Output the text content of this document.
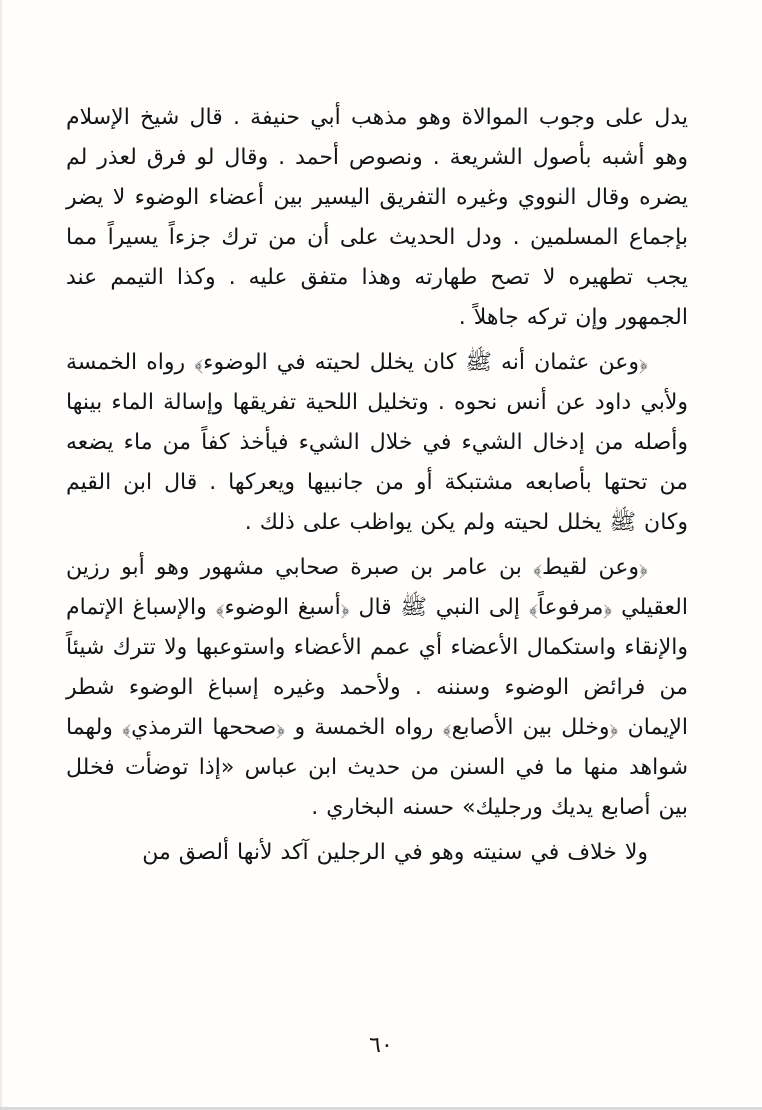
يدل على وجوب الموالاة وهو مذهب أبي حنيفة . قال شيخ الإسلام وهو أشبه بأصول الشريعة . ونصوص أحمد . وقال لو فرق لعذر لم يضره وقال النووي وغيره التفريق اليسير بين أعضاء الوضوء لا يضر بإجماع المسلمين . ودل الحديث على أن من ترك جزءاً يسيراً مما يجب تطهيره لا تصح طهارته وهذا متفق عليه . وكذا التيمم عند الجمهور وإن تركه جاهلاً .

﴿وعن عثمان أنه ﷺ كان يخلل لحيته في الوضوء﴾ رواه الخمسة ولأبي داود عن أنس نحوه . وتخليل اللحية تفريقها وإسالة الماء بينها وأصله من إدخال الشيء في خلال الشيء فيأخذ كفاً من ماء يضعه من تحتها بأصابعه مشتبكة أو من جانبيها ويعركها . قال ابن القيم وكان ﷺ يخلل لحيته ولم يكن يواظب على ذلك .

﴿وعن لقيط﴾ بن عامر بن صبرة صحابي مشهور وهو أبو رزين العقيلي ﴿مرفوعاً﴾ إلى النبي ﷺ قال ﴿أسبغ الوضوء﴾ والإسباغ الإتمام والإنقاء واستكمال الأعضاء أي عمم الأعضاء واستوعبها ولا تترك شيئاً من فرائض الوضوء وسننه . ولأحمد وغيره إسباغ الوضوء شطر الإيمان ﴿وخلل بين الأصابع﴾ رواه الخمسة و ﴿صححها الترمذي﴾ ولهما شواهد منها ما في السنن من حديث ابن عباس «إذا توضأت فخلل بين أصابع يديك ورجليك» حسنه البخاري .

ولا خلاف في سنيته وهو في الرجلين آكد لأنها ألصق من

٦٠
